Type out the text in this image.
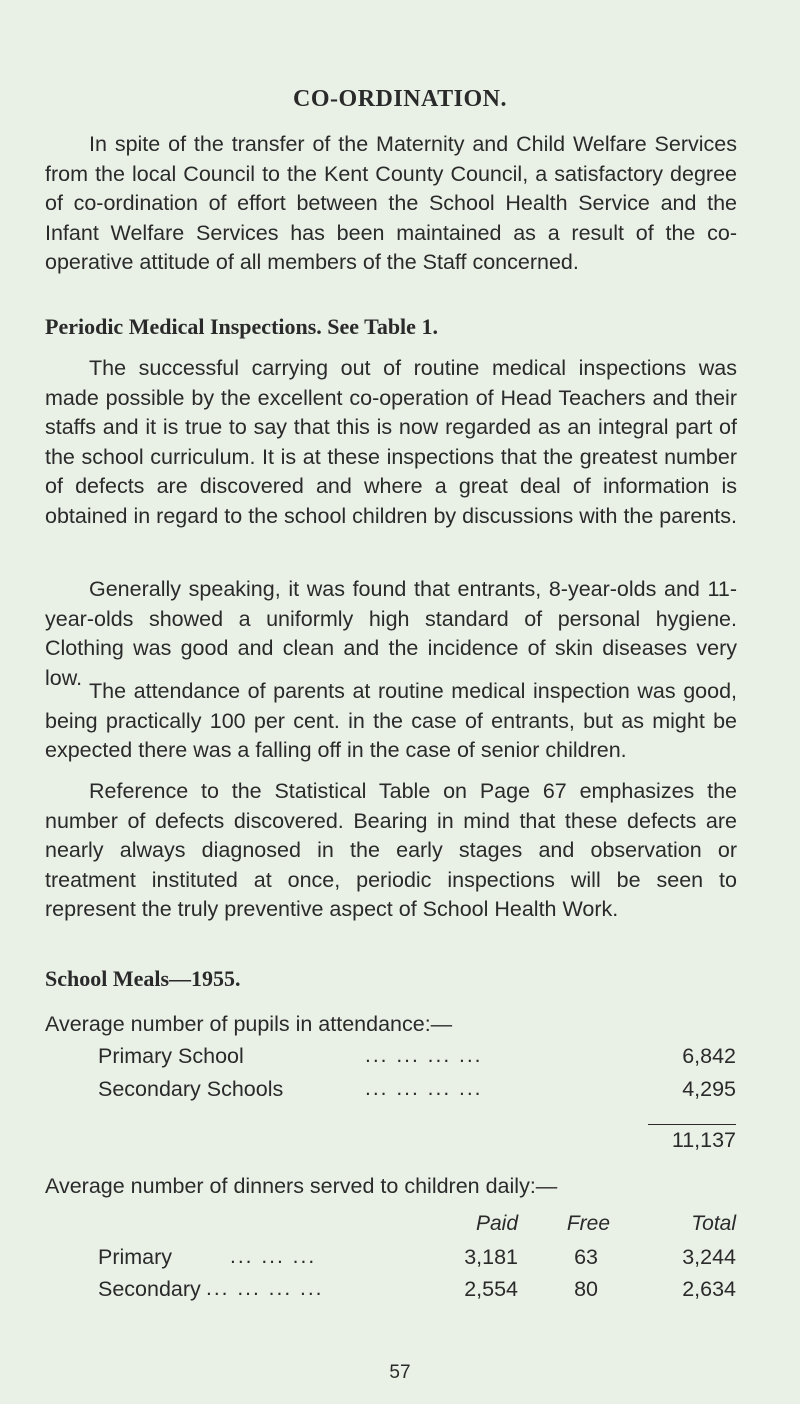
CO-ORDINATION.

In spite of the transfer of the Maternity and Child Welfare Services from the local Council to the Kent County Council, a satisfactory degree of co-ordination of effort between the School Health Service and the Infant Welfare Services has been maintained as a result of the co-operative attitude of all members of the Staff concerned.

Periodic Medical Inspections. See Table 1.

The successful carrying out of routine medical inspections was made possible by the excellent co-operation of Head Teachers and their staffs and it is true to say that this is now regarded as an integral part of the school curriculum. It is at these inspections that the greatest number of defects are discovered and where a great deal of information is obtained in regard to the school children by discussions with the parents.

Generally speaking, it was found that entrants, 8-year-olds and 11-year-olds showed a uniformly high standard of personal hygiene. Clothing was good and clean and the incidence of skin diseases very low.

The attendance of parents at routine medical inspection was good, being practically 100 per cent. in the case of entrants, but as might be expected there was a falling off in the case of senior children.

Reference to the Statistical Table on Page 67 emphasizes the number of defects discovered. Bearing in mind that these defects are nearly always diagnosed in the early stages and observation or treatment instituted at once, periodic inspections will be seen to represent the truly preventive aspect of School Health Work.

School Meals—1955.
Average number of pupils in attendance:—
Primary School	... ... ... ...	6,842
Secondary Schools	... ... ... ...	4,295
11,137
Average number of dinners served to children daily:—
Paid	Free	Total
Primary	... ... ...	3,181	63	3,244
Secondary ... ... ... ...	2,554	80	2,634
57
